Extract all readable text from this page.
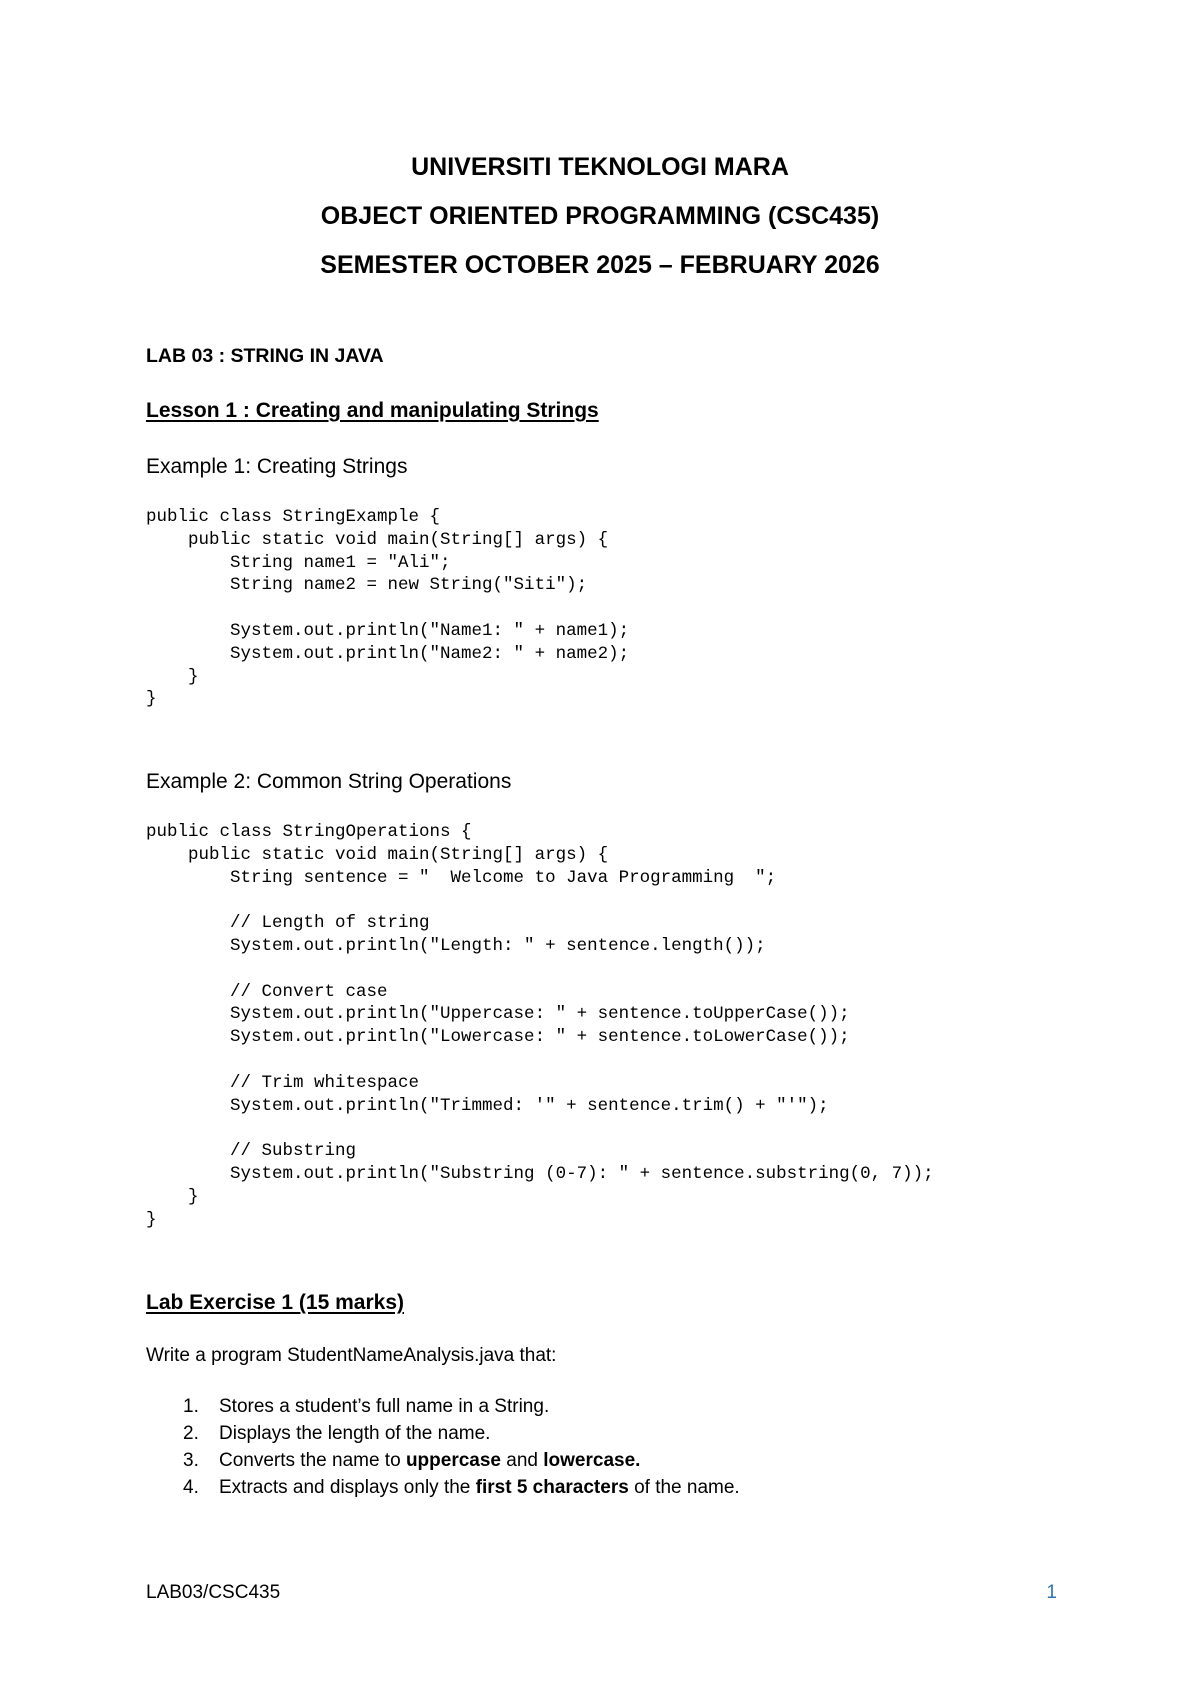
UNIVERSITI TEKNOLOGI MARA
OBJECT ORIENTED PROGRAMMING (CSC435)
SEMESTER OCTOBER 2025 – FEBRUARY 2026
LAB 03 : STRING IN JAVA
Lesson 1 : Creating and manipulating Strings
Example 1: Creating Strings
public class StringExample {
public static void main(String[] args) {
String name1 = "Ali";
String name2 = new String("Siti");

System.out.println("Name1: " + name1);
System.out.println("Name2: " + name2);
}
}
Example 2: Common String Operations
public class StringOperations {
public static void main(String[] args) {
String sentence = "  Welcome to Java Programming  ";

// Length of string
System.out.println("Length: " + sentence.length());

// Convert case
System.out.println("Uppercase: " + sentence.toUpperCase());
System.out.println("Lowercase: " + sentence.toLowerCase());

// Trim whitespace
System.out.println("Trimmed: '" + sentence.trim() + "'");

// Substring
System.out.println("Substring (0-7): " + sentence.substring(0, 7));
}
}
Lab Exercise 1 (15 marks)
Write a program StudentNameAnalysis.java that:
1.	Stores a student’s full name in a String.
2.	Displays the length of the name.
3.	Converts the name to uppercase and lowercase.
4.	Extracts and displays only the first 5 characters of the name.
LAB03/CSC435	1
